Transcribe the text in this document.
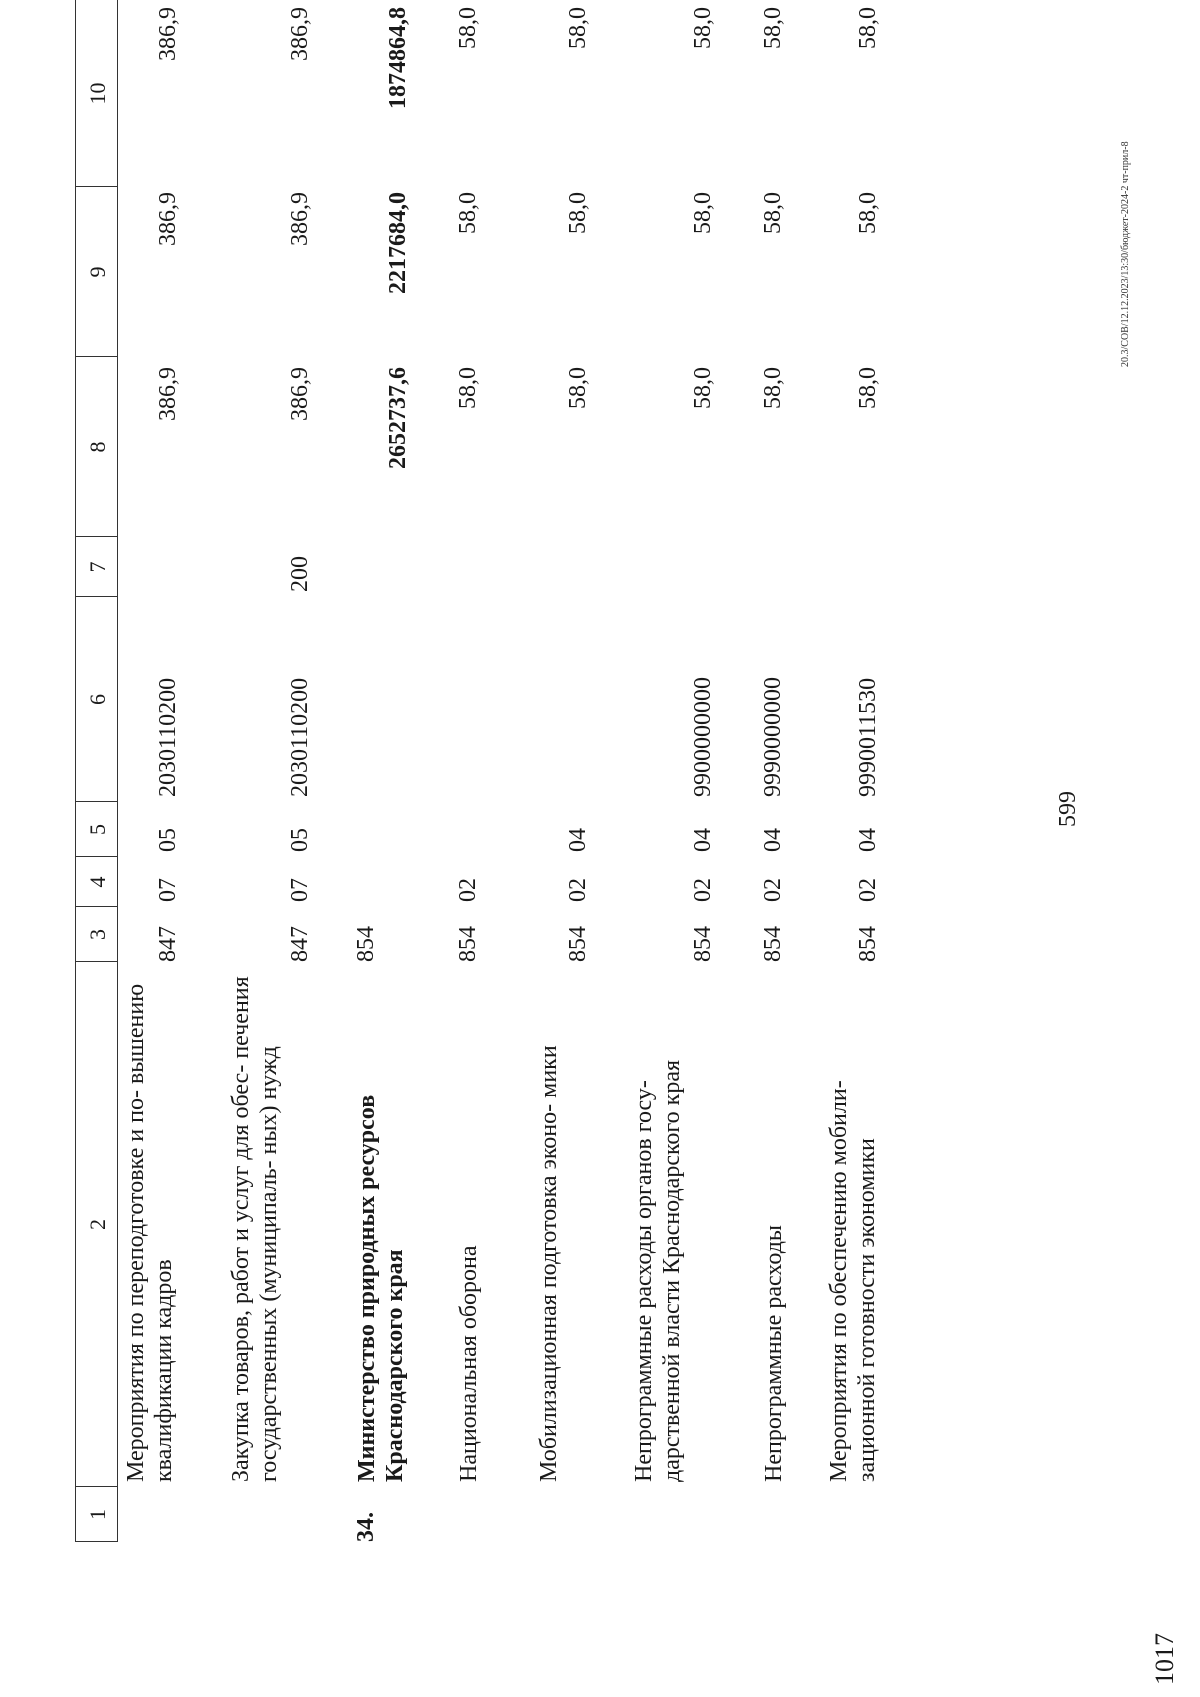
1
2
3
4
5
6
7
8
9
10
Мероприятия по переподготовке и по- вышению квалификации кадров
847
07
05
2030110200
386,9
386,9
386,9
Закупка товаров, работ и услуг для обес- печения государственных (муниципаль- ных) нужд
847
07
05
2030110200
200
386,9
386,9
386,9
34.
Министерство природных ресурсов Краснодарского края
854
2652737,6
2217684,0
1874864,8
Национальная оборона
854
02
58,0
58,0
58,0
Мобилизационная подготовка эконо- мики
854
02
04
58,0
58,0
58,0
Непрограммные расходы органов госу- дарственной власти Краснодарского края
854
02
04
9900000000
58,0
58,0
58,0
Непрограммные расходы
854
02
04
9990000000
58,0
58,0
58,0
Мероприятия по обеспечению мобили- зационной готовности экономики
854
02
04
9990011530
58,0
58,0
58,0
599
20.3/СОВ/12.12.2023/13:30/бюджет-2024-2 чт-прил-8
1017
